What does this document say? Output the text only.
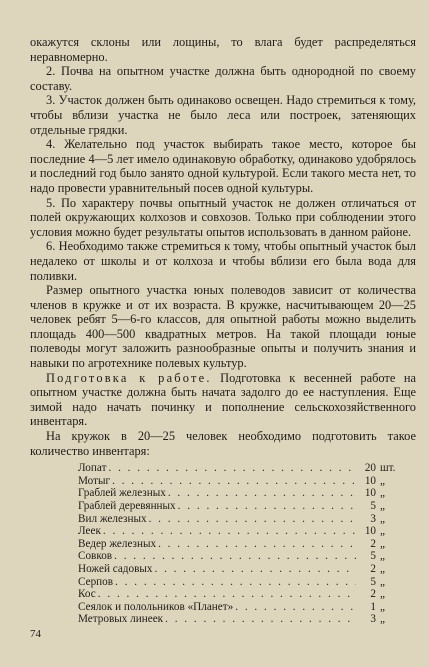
окажутся склоны или лощины, то влага будет распределяться неравномерно.

2. Почва на опытном участке должна быть однородной по своему составу.

3. Участок должен быть одинаково освещен. Надо стремиться к тому, чтобы вблизи участка не было леса или построек, затеняющих отдельные грядки.

4. Желательно под участок выбирать такое место, которое бы последние 4—5 лет имело одинаковую обработку, одинаково удобрялось и последний год было занято одной культурой. Если такого места нет, то надо провести уравнительный посев одной культуры.

5. По характеру почвы опытный участок не должен отличаться от полей окружающих колхозов и совхозов. Только при соблюдении этого условия можно будет результаты опытов использовать в данном районе.

6. Необходимо также стремиться к тому, чтобы опытный участок был недалеко от школы и от колхоза и чтобы вблизи его была вода для поливки.

Размер опытного участка юных полеводов зависит от количества членов в кружке и от их возраста. В кружке, насчитывающем 20—25 человек ребят 5—6-го классов, для опытной работы можно выделить площадь 400—500 квадратных метров. На такой площади юные полеводы могут заложить разнообразные опыты и получить знания и навыки по агротехнике полевых культур.

Подготовка к работе. Подготовка к весенней работе на опытном участке должна быть начата задолго до ее наступления. Еще зимой надо начать починку и пополнение сельскохозяйственного инвентаря.

На кружок в 20—25 человек необходимо подготовить такое количество инвентаря:

Лопат . . .	20 шт.
Мотыг . . .	10 „
Граблей железных . . .	10 „
Граблей деревянных . . .	5 „
Вил железных . . .	3 „
Леек . . .	10 „
Ведер железных . . .	2 „
Совков . . .	5 „
Ножей садовых . . .	2 „
Серпов . . .	5 „
Кос . . .	2 „
Сеялок и полольников «Планет» . . .	1 „
Метровых линеек . . .	3 „
74
